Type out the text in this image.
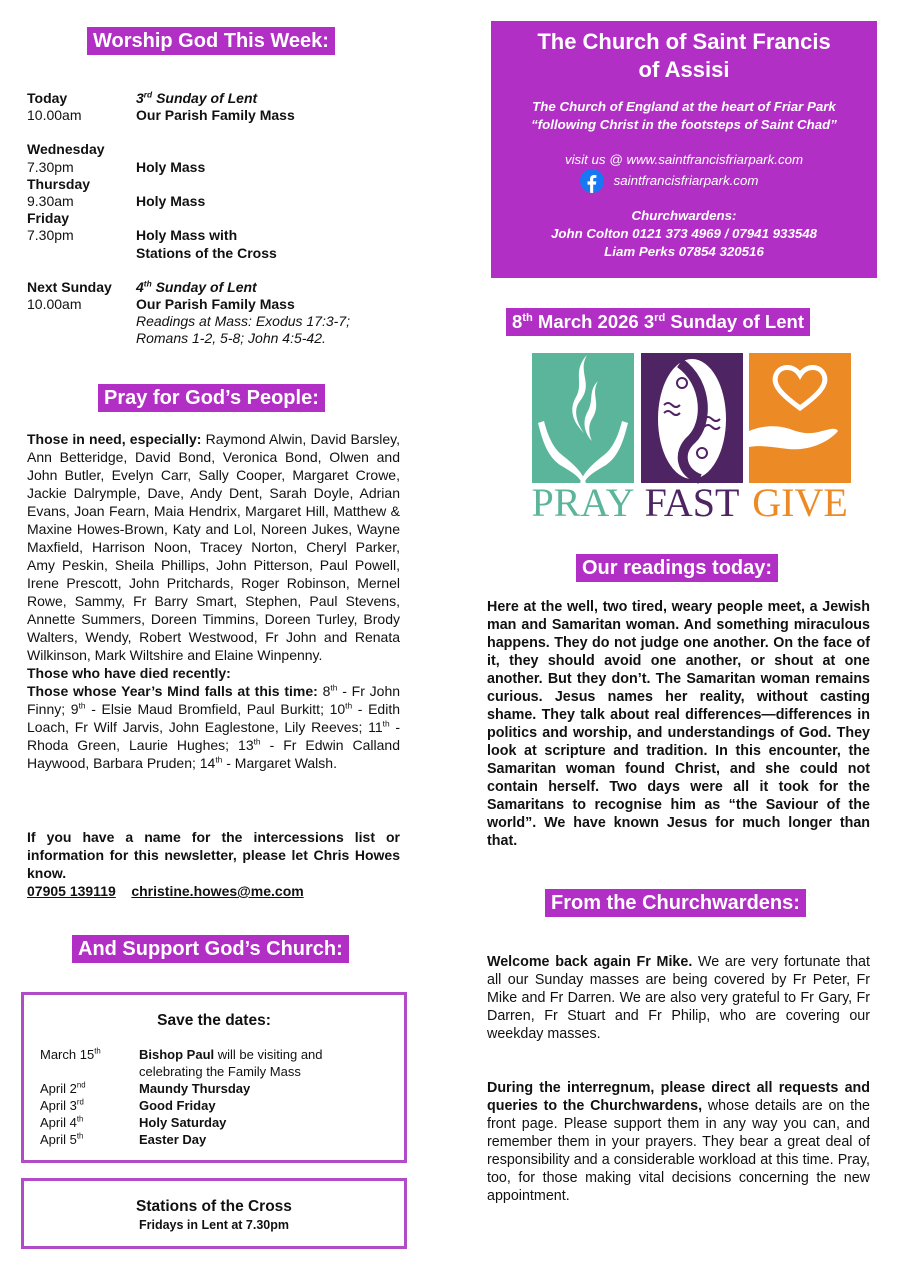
Worship God This Week:
Today	3rd Sunday of Lent
10.00am	Our Parish Family Mass
Wednesday
7.30pm	Holy Mass
Thursday
9.30am	Holy Mass
Friday
7.30pm	Holy Mass with
Stations of the Cross
Next Sunday	4th Sunday of Lent
10.00am	Our Parish Family Mass
Readings at Mass: Exodus 17:3-7;
Romans 1-2, 5-8; John 4:5-42.
Pray for God’s People:
Those in need, especially: Raymond Alwin, David Barsley, Ann Betteridge, David Bond, Veronica Bond, Olwen and John Butler, Evelyn Carr, Sally Cooper, Margaret Crowe, Jackie Dalrymple, Dave, Andy Dent, Sarah Doyle, Adrian Evans, Joan Fearn, Maia Hendrix, Margaret Hill, Matthew & Maxine Howes-Brown, Katy and Lol, Noreen Jukes, Wayne Maxfield, Harrison Noon, Tracey Norton, Cheryl Parker, Amy Peskin, Sheila Phillips, John Pitterson, Paul Powell, Irene Prescott, John Pritchards, Roger Robinson, Mernel Rowe, Sammy, Fr Barry Smart, Stephen, Paul Stevens, Annette Summers, Doreen Timmins, Doreen Turley, Brody Walters, Wendy, Robert Westwood, Fr John and Renata Wilkinson, Mark Wiltshire and Elaine Winpenny.
Those who have died recently:
Those whose Year’s Mind falls at this time: 8th - Fr John Finny; 9th - Elsie Maud Bromfield, Paul Burkitt; 10th - Edith Loach, Fr Wilf Jarvis, John Eaglestone, Lily Reeves; 11th - Rhoda Green, Laurie Hughes; 13th - Fr Edwin Calland Haywood, Barbara Pruden; 14th - Margaret Walsh.
If you have a name for the intercessions list or information for this newsletter, please let Chris Howes know.
07905 139119 christine.howes@me.com
And Support God’s Church:
Save the dates:
March 15th	Bishop Paul will be visiting and
celebrating the Family Mass
April 2nd	Maundy Thursday
April 3rd	Good Friday
April 4th	Holy Saturday
April 5th	Easter Day
Stations of the Cross
Fridays in Lent at 7.30pm
The Church of Saint Francis
of Assisi
The Church of England at the heart of Friar Park
“following Christ in the footsteps of Saint Chad”
visit us @ www.saintfrancisfriarpark.com
saintfrancisfriarpark.com
Churchwardens:
John Colton 0121 373 4969 / 07941 933548
Liam Perks 07854 320516
8th March 2026 3rd Sunday of Lent
PRAY FAST GIVE
Our readings today:
Here at the well, two tired, weary people meet, a Jewish man and Samaritan woman. And something miraculous happens. They do not judge one another. On the face of it, they should avoid one another, or shout at one another. But they don’t. The Samaritan woman remains curious. Jesus names her reality, without casting shame. They talk about real differences—differences in politics and worship, and understandings of God. They look at scripture and tradition. In this encounter, the Samaritan woman found Christ, and she could not contain herself. Two days were all it took for the Samaritans to recognise him as “the Saviour of the world”. We have known Jesus for much longer than that.
From the Churchwardens:

Welcome back again Fr Mike. We are very fortunate that all our Sunday masses are being covered by Fr Peter, Fr Mike and Fr Darren. We are also very grateful to Fr Gary, Fr Darren, Fr Stuart and Fr Philip, who are covering our weekday masses.

During the interregnum, please direct all requests and queries to the Churchwardens, whose details are on the front page. Please support them in any way you can, and remember them in your prayers. They bear a great deal of responsibility and a considerable workload at this time. Pray, too, for those making vital decisions concerning the new appointment.
